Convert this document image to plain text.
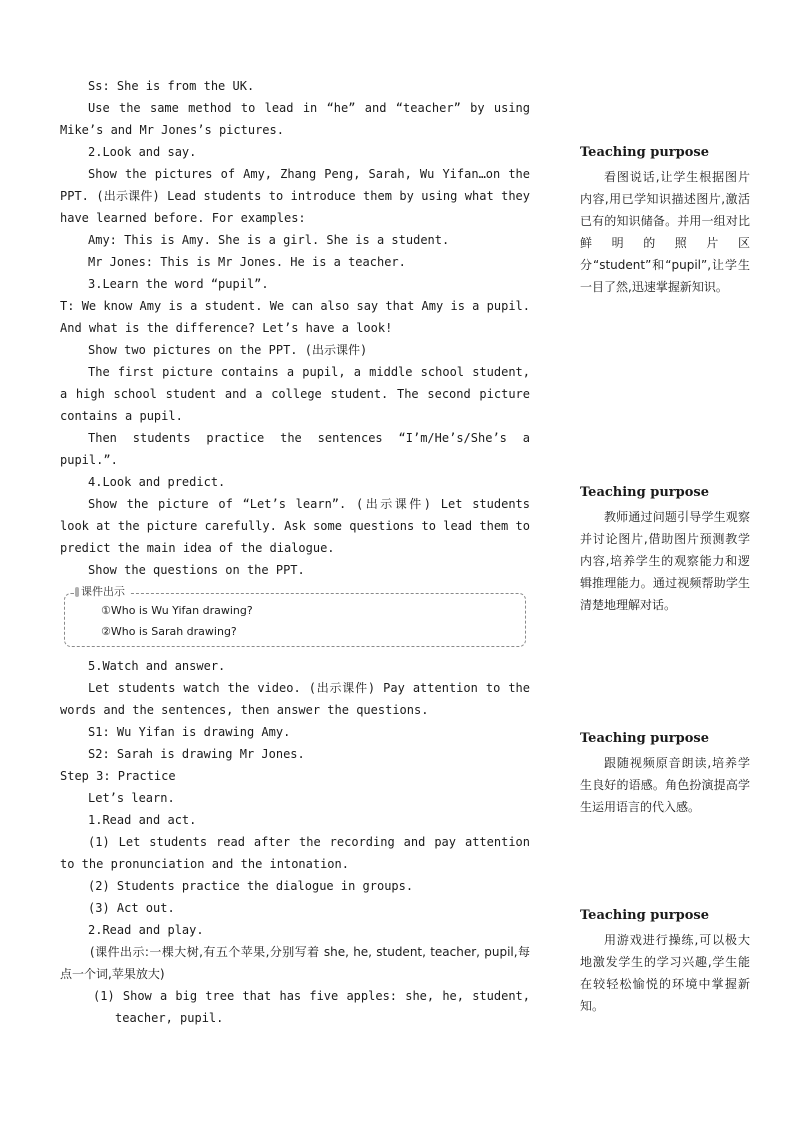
Ss: She is from the UK.

Use the same method to lead in “he” and “teacher” by using Mike’s and Mr Jones’s pictures.

2.Look and say.

Show the pictures of Amy, Zhang Peng, Sarah, Wu Yifan…on the PPT. (出示课件) Lead students to introduce them by using what they have learned before. For examples:

Amy: This is Amy. She is a girl. She is a student.

Mr Jones: This is Mr Jones. He is a teacher.

3.Learn the word “pupil”.

T: We know Amy is a student. We can also say that Amy is a pupil. And what is the difference? Let’s have a look!

Show two pictures on the PPT. (出示课件)

The first picture contains a pupil, a middle school student, a high school student and a college student. The second picture contains a pupil.

Then students practice the sentences “I’m/He’s/She’s a pupil.”.

4.Look and predict.

Show the picture of “Let’s learn”. (出示课件) Let students look at the picture carefully. Ask some questions to lead them to predict the main idea of the dialogue.

Show the questions on the PPT.

课件出示
①Who is Wu Yifan drawing?
②Who is Sarah drawing?

5.Watch and answer.

Let students watch the video. (出示课件) Pay attention to the words and the sentences, then answer the questions.

S1: Wu Yifan is drawing Amy.

S2: Sarah is drawing Mr Jones.

Step 3: Practice

Let’s learn.

1.Read and act.

(1) Let students read after the recording and pay attention to the pronunciation and the intonation.

(2) Students practice the dialogue in groups.

(3) Act out.

2.Read and play.

(课件出示:一棵大树,有五个苹果,分别写着 she, he, student, teacher, pupil,每点一个词,苹果放大)

(1) Show a big tree that has five apples: she, he, student, teacher, pupil.

Teaching purpose

看图说话,让学生根据图片内容,用已学知识描述图片,激活已有的知识储备。并用一组对比鲜明的照片区分“student”和“pupil”,让学生一目了然,迅速掌握新知识。

Teaching purpose

教师通过问题引导学生观察并讨论图片,借助图片预测教学内容,培养学生的观察能力和逻辑推理能力。通过视频帮助学生清楚地理解对话。

Teaching purpose

跟随视频原音朗读,培养学生良好的语感。角色扮演提高学生运用语言的代入感。

Teaching purpose

用游戏进行操练,可以极大地激发学生的学习兴趣,学生能在较轻松愉悦的环境中掌握新知。
